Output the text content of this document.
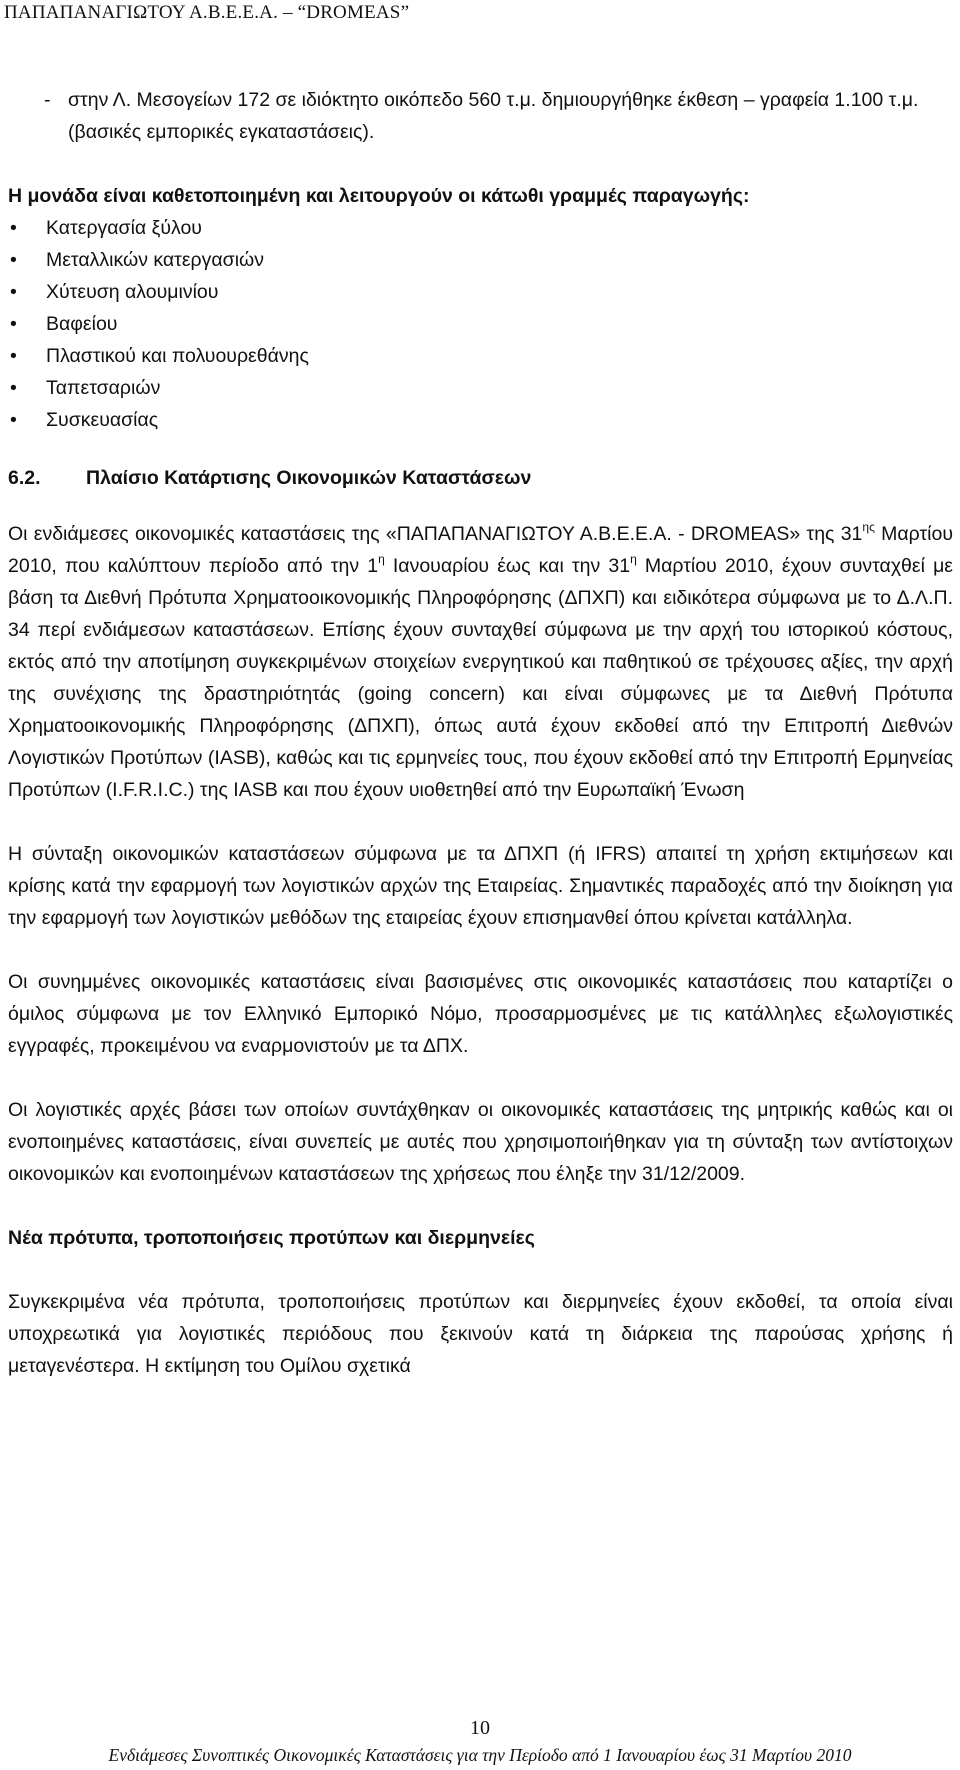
ΠΑΠΑΠΑΝΑΓΙΩΤΟΥ Α.Β.Ε.Ε.Α. – “DROMEAS”
- στην Λ. Μεσογείων 172 σε ιδιόκτητο οικόπεδο 560 τ.μ. δημιουργήθηκε έκθεση – γραφεία 1.100 τ.μ. (βασικές εμπορικές εγκαταστάσεις).
Η μονάδα είναι καθετοποιημένη και λειτουργούν οι κάτωθι γραμμές παραγωγής:
• Κατεργασία ξύλου
• Μεταλλικών κατεργασιών
• Χύτευση αλουμινίου
• Βαφείου
• Πλαστικού και πολυουρεθάνης
• Ταπετσαριών
• Συσκευασίας
6.2.	Πλαίσιο Κατάρτισης Οικονομικών Καταστάσεων

Οι ενδιάμεσες οικονομικές καταστάσεις της «ΠΑΠΑΠΑΝΑΓΙΩΤΟΥ Α.Β.Ε.Ε.Α. - DROMEAS» της $31^{\eta\varsigma}$ Μαρτίου 2010, που καλύπτουν περίοδο από την $1^\eta$ Ιανουαρίου έως και την $31^\eta$ Μαρτίου 2010, έχουν συνταχθεί με βάση τα Διεθνή Πρότυπα Χρηματοοικονομικής Πληροφόρησης (ΔΠΧΠ) και ειδικότερα σύμφωνα με το Δ.Λ.Π. 34 περί ενδιάμεσων καταστάσεων. Επίσης έχουν συνταχθεί σύμφωνα με την αρχή του ιστορικού κόστους, εκτός από την αποτίμηση συγκεκριμένων στοιχείων ενεργητικού και παθητικού σε τρέχουσες αξίες, την αρχή της συνέχισης της δραστηριότητάς (going concern) και είναι σύμφωνες με τα Διεθνή Πρότυπα Χρηματοοικονομικής Πληροφόρησης (ΔΠΧΠ), όπως αυτά έχουν εκδοθεί από την Επιτροπή Διεθνών Λογιστικών Προτύπων (IASB), καθώς και τις ερμηνείες τους, που έχουν εκδοθεί από την Επιτροπή Ερμηνείας Προτύπων (I.F.R.I.C.) της IASB και που έχουν υιοθετηθεί από την Ευρωπαϊκή Ένωση

Η σύνταξη οικονομικών καταστάσεων σύμφωνα με τα ΔΠΧΠ (ή IFRS) απαιτεί τη χρήση εκτιμήσεων και κρίσης κατά την εφαρμογή των λογιστικών αρχών της Εταιρείας. Σημαντικές παραδοχές από την διοίκηση για την εφαρμογή των λογιστικών μεθόδων της εταιρείας έχουν επισημανθεί όπου κρίνεται κατάλληλα.

Οι συνημμένες οικονομικές καταστάσεις είναι βασισμένες στις οικονομικές καταστάσεις που καταρτίζει ο όμιλος σύμφωνα με τον Ελληνικό Εμπορικό Νόμο, προσαρμοσμένες με τις κατάλληλες εξωλογιστικές εγγραφές, προκειμένου να εναρμονιστούν με τα ΔΠΧ.

Οι λογιστικές αρχές βάσει των οποίων συντάχθηκαν οι οικονομικές καταστάσεις της μητρικής καθώς και οι ενοποιημένες καταστάσεις, είναι συνεπείς με αυτές που χρησιμοποιήθηκαν για τη σύνταξη των αντίστοιχων οικονομικών και ενοποιημένων καταστάσεων της χρήσεως που έληξε την 31/12/2009.

Νέα πρότυπα, τροποποιήσεις προτύπων και διερμηνείες

Συγκεκριμένα νέα πρότυπα, τροποποιήσεις προτύπων και διερμηνείες έχουν εκδοθεί, τα οποία είναι υποχρεωτικά για λογιστικές περιόδους που ξεκινούν κατά τη διάρκεια της παρούσας χρήσης ή μεταγενέστερα. Η εκτίμηση του Ομίλου σχετικά

10
Ενδιάμεσες Συνοπτικές Οικονομικές Καταστάσεις για την Περίοδο από 1 Ιανουαρίου έως 31 Μαρτίου 2010
